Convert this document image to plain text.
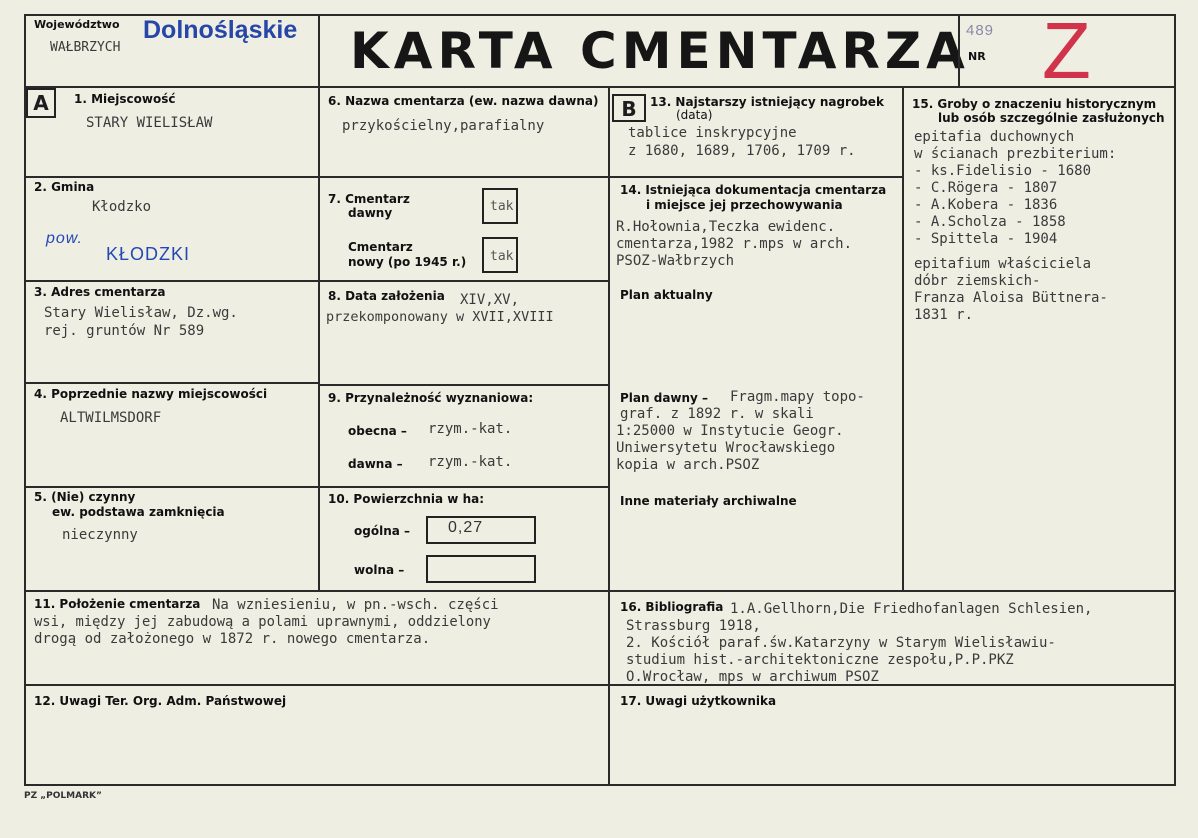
Województwo Dolnośląskie
WAŁBRZYCH	KARTA CMENTARZA
489
NR Z
A	1. Miejscowość
STARY WIELISŁAW
2. Gmina
Kłodzko
pow.
KŁODZKI
3. Adres cmentarza
Stary Wielisław, Dz.wg.
rej. gruntów Nr 589
4. Poprzednie nazwy miejscowości
ALTWILMSDORF
5. (Nie) czynny
ew. podstawa zamknięcia
nieczynny
6. Nazwa cmentarza (ew. nazwa dawna)
przykościelny,parafialny
7. Cmentarz
dawny	tak
Cmentarz
nowy (po 1945 r.) tak
8. Data założenia XIV,XV,
przekomponowany w XVII,XVIII
9. Przynależność wyznaniowa:
obecna – rzym.-kat.
dawna – rzym.-kat.
10. Powierzchnia w ha:
ogólna – 0,27
wolna –
B	13. Najstarszy istniejący nagrobek
(data)
tablice inskrypcyjne
z 1680, 1689, 1706, 1709 r.
14. Istniejąca dokumentacja cmentarza
i miejsce jej przechowywania
R.Hołownia,Teczka ewidenc.
cmentarza,1982 r.mps w arch.
PSOZ-Wałbrzych
Plan aktualny
Plan dawny – Fragm.mapy topo-
graf. z 1892 r. w skali
1:25000 w Instytucie Geogr.
Uniwersytetu Wrocławskiego
kopia w arch.PSOZ
Inne materiały archiwalne
15. Groby o znaczeniu historycznym
lub osób szczególnie zasłużonych
epitafia duchownych
w ścianach prezbiterium:
- ks.Fidelisio - 1680
- C.Rögera - 1807
- A.Kobera - 1836
- A.Scholza - 1858
- Spittela - 1904
epitafium właściciela
dóbr ziemskich-
Franza Aloisa Büttnera-
1831 r.
11. Położenie cmentarza Na wzniesieniu, w pn.-wsch. części
wsi, między jej zabudową a polami uprawnymi, oddzielony
drogą od założonego w 1872 r. nowego cmentarza.
16. Bibliografia 1.A.Gellhorn,Die Friedhofanlagen Schlesien,
Strassburg 1918,
2. Kościół paraf.św.Katarzyny w Starym Wielisławiu-
studium hist.-architektoniczne zespołu,P.P.PKZ
O.Wrocław, mps w archiwum PSOZ
12. Uwagi Ter. Org. Adm. Państwowej	17. Uwagi użytkownika
PZ „POLMARK”
